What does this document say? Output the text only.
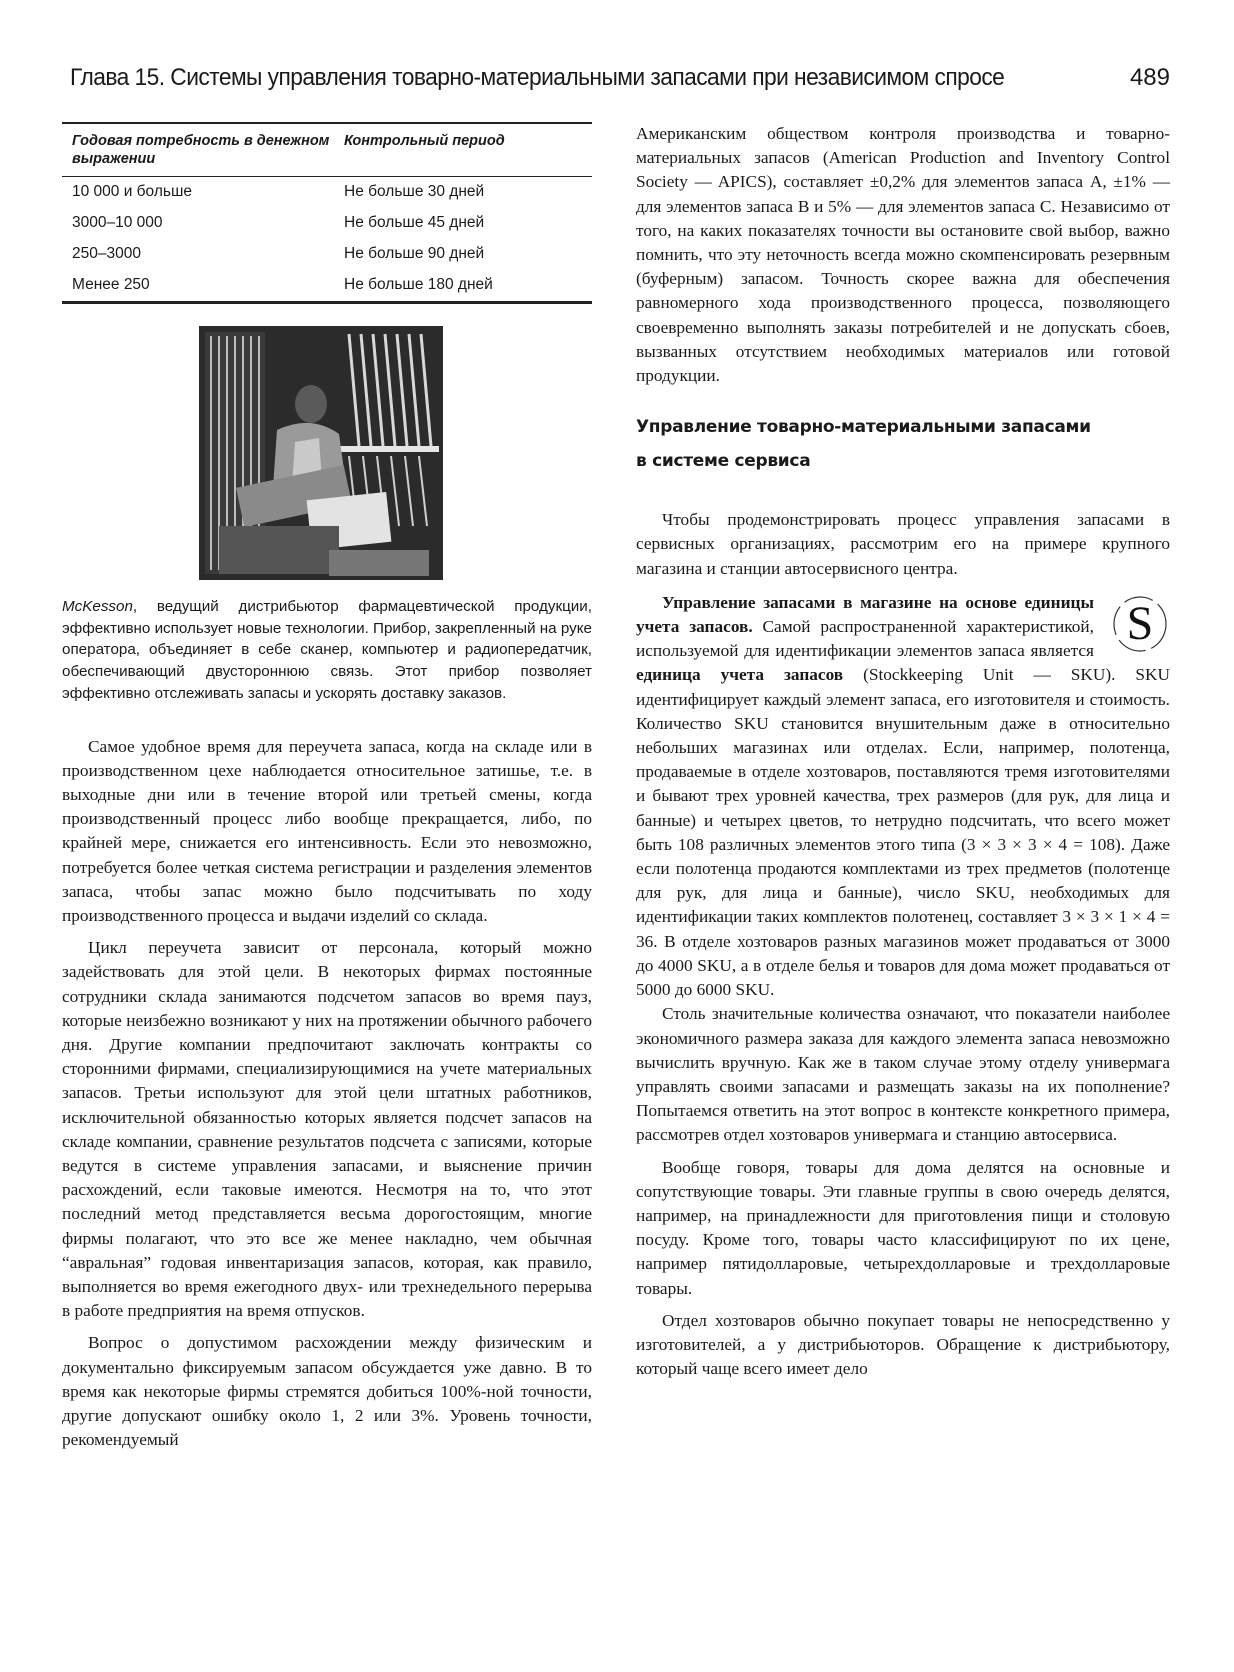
Глава 15. Системы управления товарно-материальными запасами при независимом спросе	489
Годовая потребность в денежном выражении	Контрольный период
10 000 и больше	Не больше 30 дней
3000–10 000	Не больше 45 дней
250–3000	Не больше 90 дней
Менее 250	Не больше 180 дней
McKesson, ведущий дистрибьютор фармацевтической продукции, эффективно использует новые технологии. Прибор, закрепленный на руке оператора, объединяет в себе сканер, компьютер и радиопередатчик, обеспечивающий двустороннюю связь. Этот прибор позволяет эффективно отслеживать запасы и ускорять доставку заказов.

Самое удобное время для переучета запаса, когда на складе или в производственном цехе наблюдается относительное затишье, т.е. в выходные дни или в течение второй или третьей смены, когда производственный процесс либо вообще прекращается, либо, по крайней мере, снижается его интенсивность. Если это невозможно, потребуется более четкая система регистрации и разделения элементов запаса, чтобы запас можно было подсчитывать по ходу производственного процесса и выдачи изделий со склада.

Цикл переучета зависит от персонала, который можно задействовать для этой цели. В некоторых фирмах постоянные сотрудники склада занимаются подсчетом запасов во время пауз, которые неизбежно возникают у них на протяжении обычного рабочего дня. Другие компании предпочитают заключать контракты со сторонними фирмами, специализирующимися на учете материальных запасов. Третьи используют для этой цели штатных работников, исключительной обязанностью которых является подсчет запасов на складе компании, сравнение результатов подсчета с записями, которые ведутся в системе управления запасами, и выяснение причин расхождений, если таковые имеются. Несмотря на то, что этот последний метод представляется весьма дорогостоящим, многие фирмы полагают, что это все же менее накладно, чем обычная “авральная” годовая инвентаризация запасов, которая, как правило, выполняется во время ежегодного двух- или трехнедельного перерыва в работе предприятия на время отпусков.

Вопрос о допустимом расхождении между физическим и документально фиксируемым запасом обсуждается уже давно. В то время как некоторые фирмы стремятся добиться 100%-ной точности, другие допускают ошибку около 1, 2 или 3%. Уровень точности, рекомендуемый

Американским обществом контроля производства и товарно-материальных запасов (American Production and Inventory Control Society — APICS), составляет ±0,2% для элементов запаса A, ±1% — для элементов запаса B и 5% — для элементов запаса C. Независимо от того, на каких показателях точности вы остановите свой выбор, важно помнить, что эту неточность всегда можно скомпенсировать резервным (буферным) запасом. Точность скорее важна для обеспечения равномерного хода производственного процесса, позволяющего своевременно выполнять заказы потребителей и не допускать сбоев, вызванных отсутствием необходимых материалов или готовой продукции.

Управление товарно-материальными запасами
в системе сервиса

Чтобы продемонстрировать процесс управления запасами в сервисных организациях, рассмотрим его на примере крупного магазина и станции автосервисного центра.

S

Управление запасами в магазине на основе единицы учета запасов. Самой распространенной характеристикой, используемой для идентификации элементов запаса является единица учета запасов (Stockkeeping Unit — SKU). SKU идентифицирует каждый элемент запаса, его изготовителя и стоимость. Количество SKU становится внушительным даже в относительно небольших магазинах или отделах. Если, например, полотенца, продаваемые в отделе хозтоваров, поставляются тремя изготовителями и бывают трех уровней качества, трех размеров (для рук, для лица и банные) и четырех цветов, то нетрудно подсчитать, что всего может быть 108 различных элементов этого типа (3 × 3 × 3 × 4 = 108). Даже если полотенца продаются комплектами из трех предметов (полотенце для рук, для лица и банные), число SKU, необходимых для идентификации таких комплектов полотенец, составляет 3 × 3 × 1 × 4 = 36. В отделе хозтоваров разных магазинов может продаваться от 3000 до 4000 SKU, а в отделе белья и товаров для дома может продаваться от 5000 до 6000 SKU.

Столь значительные количества означают, что показатели наиболее экономичного размера заказа для каждого элемента запаса невозможно вычислить вручную. Как же в таком случае этому отделу универмага управлять своими запасами и размещать заказы на их пополнение? Попытаемся ответить на этот вопрос в контексте конкретного примера, рассмотрев отдел хозтоваров универмага и станцию автосервиса.

Вообще говоря, товары для дома делятся на основные и сопутствующие товары. Эти главные группы в свою очередь делятся, например, на принадлежности для приготовления пищи и столовую посуду. Кроме того, товары часто классифицируют по их цене, например пятидолларовые, четырехдолларовые и трехдолларовые товары.

Отдел хозтоваров обычно покупает товары не непосредственно у изготовителей, а у дистрибьюторов. Обращение к дистрибьютору, который чаще всего имеет дело
